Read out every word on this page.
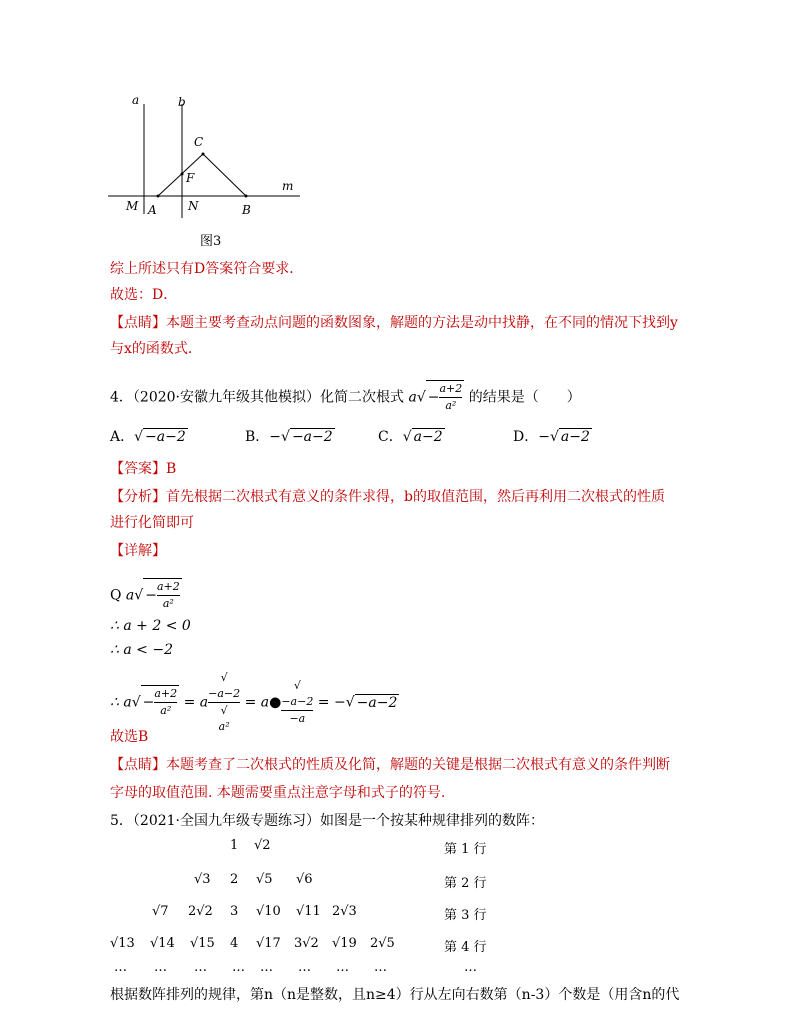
a	b
C
F
m
M A	N	B
图3
综上所述只有D答案符合要求．
故选：D．
【点睛】本题主要考查动点问题的函数图象，解题的方法是动中找静，在不同的情况下找到y
与x的函数式．
4．（2020·安徽九年级其他模拟）化简二次根式 $a√ - \frac{a+2}{\text{a²}}$ 的结果是（　　）
A．√ −a−2	B．−√ −a−2	C．√ a−2	D．−√ a−2
【答案】B
【分析】首先根据二次根式有意义的条件求得，b的取值范围，然后再利用二次根式的性质
进行化简即可
【详解】
Q $a√ - \frac{a+2}{\text{a²}}$
∴ a + 2 < 0
∴ a < −2
∴ $a√ - \frac{a+2}{\text{a²}} = a$ √
−a−2
√
a² = a● √
−a−2
−a = −√ −a−2
故选B
【点睛】本题考查了二次根式的性质及化简，解题的关键是根据二次根式有意义的条件判断
字母的取值范围. 本题需要重点注意字母和式子的符号.
5．（2021·全国九年级专题练习）如图是一个按某种规律排列的数阵：
1 √2	第 1 行
√3 2 √5 √6	第 2 行
√7 2√2 3 √10 √11 2√3	第 3 行
√13 √14 √15 4 √17 3√2 √19 2√5	第 4 行
… … … … … … … …	…
根据数阵排列的规律，第n（n是整数，且n≥4）行从左向右数第（n-3）个数是（用含n的代
